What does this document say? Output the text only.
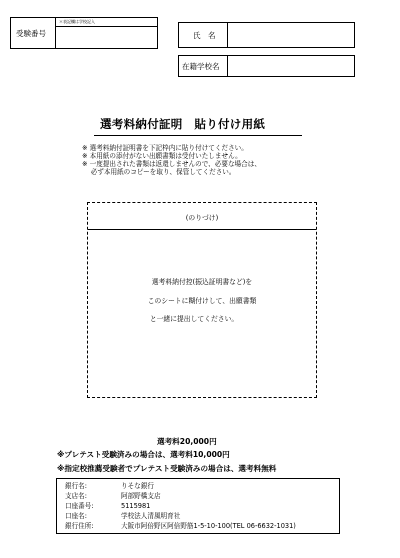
受験番号
＊表記欄は学校記入
氏　名
在籍学校名
選考料納付証明　貼り付け用紙
※ 選考料納付証明書を下記枠内に貼り付けてください。
※ 本用紙の添付がない出願書類は受付いたしません。
※ 一度提出された書類は返還しませんので、必要な場合は、
　 必ず本用紙のコピーを取り、保管してください。
(のりづけ)
選考料納付控(振込証明書など)を
このシートに糊付けして、出願書類
と一緒に提出してください。
選考料20,000円
※プレテスト受験済みの場合は、選考料10,000円
※指定校推薦受験者でプレテスト受験済みの場合は、選考料無料
銀行名:	りそな銀行
支店名:	阿部野橋支店
口座番号:	5115981
口座名:	学校法人清風明育社
銀行住所:	大阪市阿倍野区阿倍野筋1-5-10-100(TEL 06-6632-1031)
